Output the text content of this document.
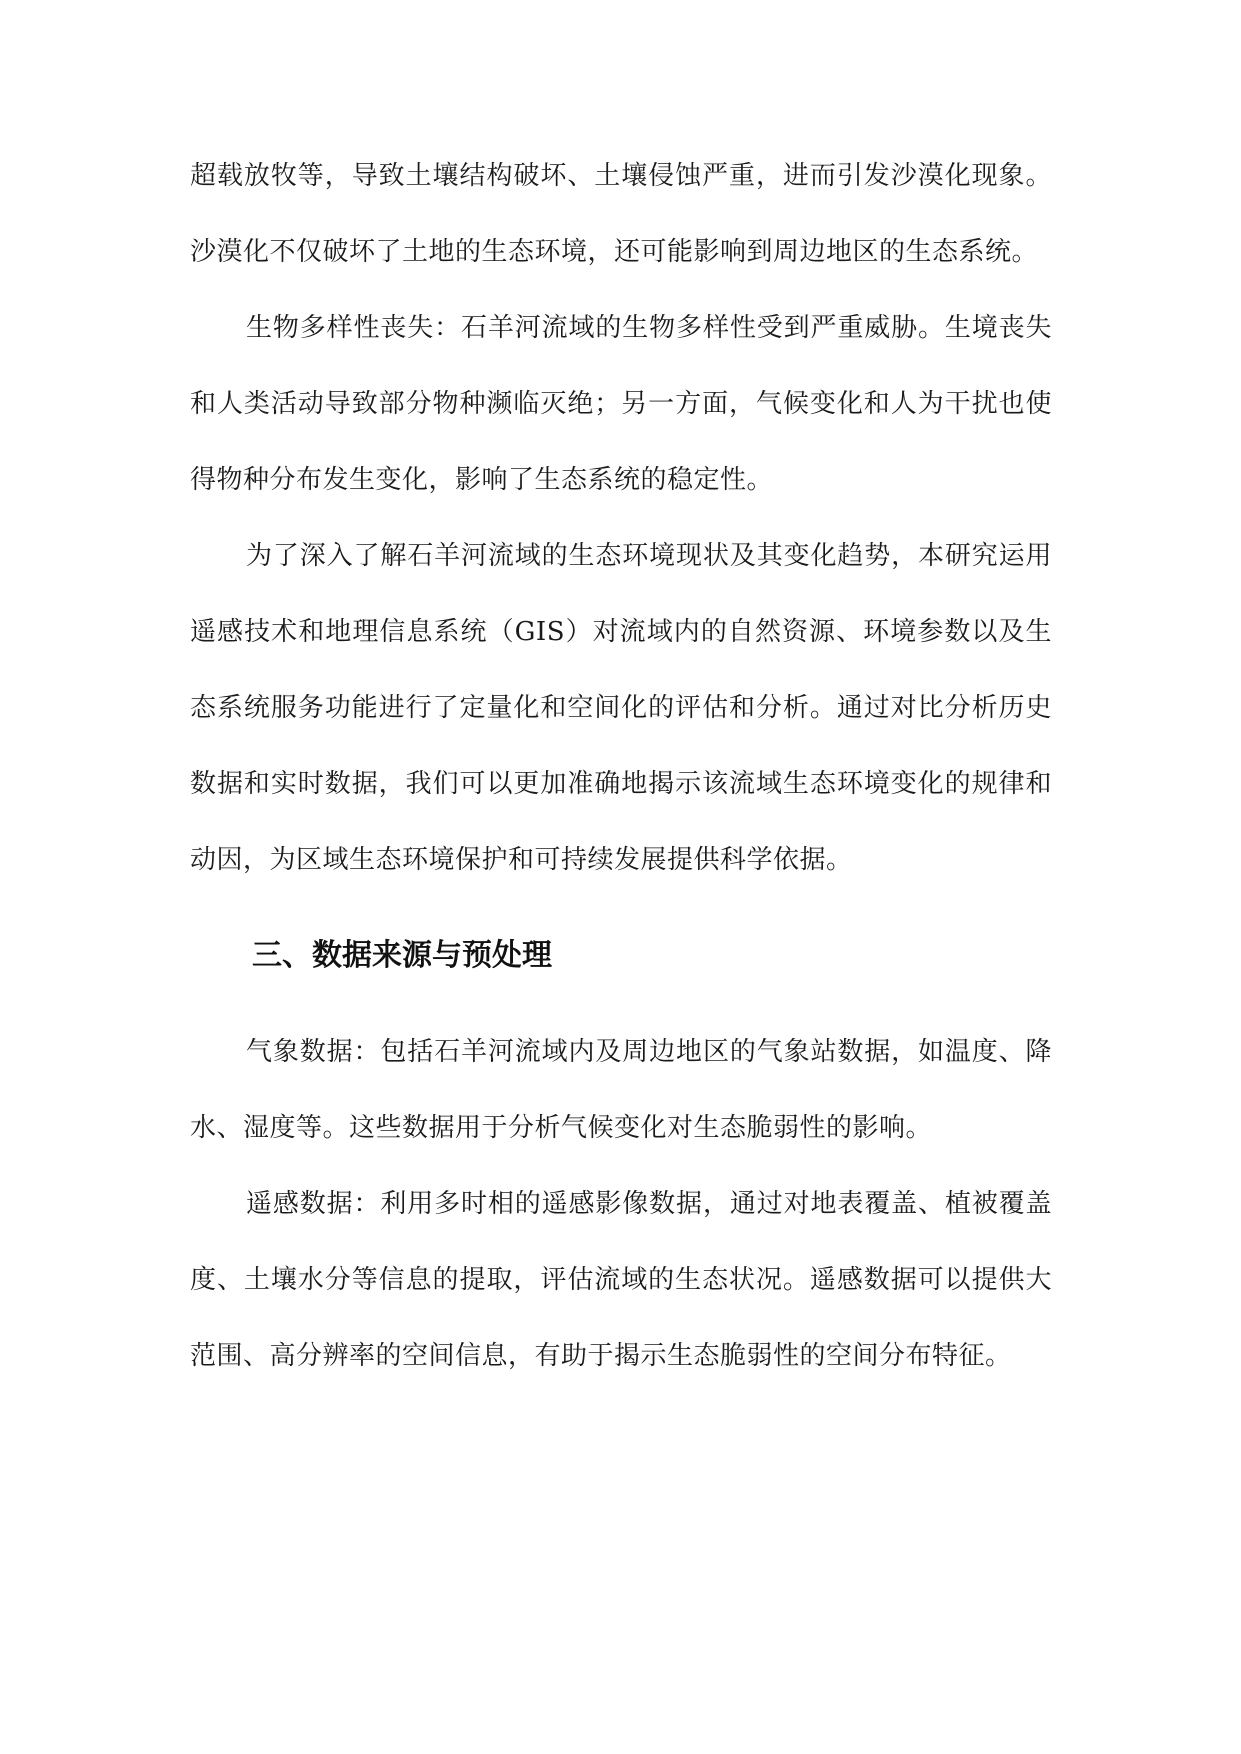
超载放牧等，导致土壤结构破坏、土壤侵蚀严重，进而引发沙漠化现象。沙漠化不仅破坏了土地的生态环境，还可能影响到周边地区的生态系统。

生物多样性丧失：石羊河流域的生物多样性受到严重威胁。生境丧失和人类活动导致部分物种濒临灭绝；另一方面，气候变化和人为干扰也使得物种分布发生变化，影响了生态系统的稳定性。

为了深入了解石羊河流域的生态环境现状及其变化趋势，本研究运用遥感技术和地理信息系统（GIS）对流域内的自然资源、环境参数以及生态系统服务功能进行了定量化和空间化的评估和分析。通过对比分析历史数据和实时数据，我们可以更加准确地揭示该流域生态环境变化的规律和动因，为区域生态环境保护和可持续发展提供科学依据。

三、数据来源与预处理

气象数据：包括石羊河流域内及周边地区的气象站数据，如温度、降水、湿度等。这些数据用于分析气候变化对生态脆弱性的影响。

遥感数据：利用多时相的遥感影像数据，通过对地表覆盖、植被覆盖度、土壤水分等信息的提取，评估流域的生态状况。遥感数据可以提供大范围、高分辨率的空间信息，有助于揭示生态脆弱性的空间分布特征。
